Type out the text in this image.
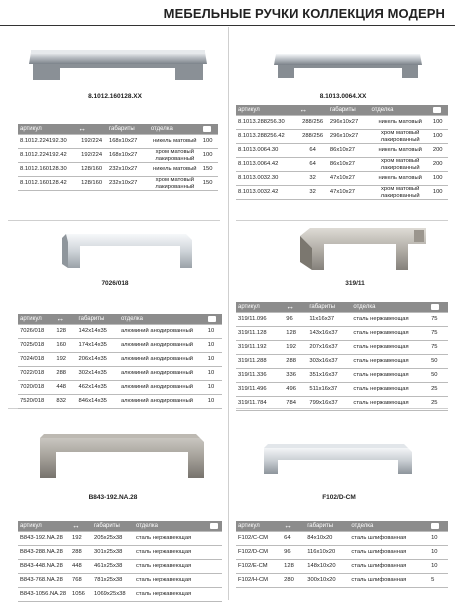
МЕБЕЛЬНЫЕ РУЧКИ КОЛЛЕКЦИЯ МОДЕРН
8.1012.160128.XX
артикул	↔	габариты	отделка	
8.1012.224192.30	192/224	168x10x27	никель матовый	100
8.1012.224192.42	192/224	168x10x27	хром матовый лакированный	100
8.1012.160128.30	128/160	232x10x27	никель матовый	150
8.1012.160128.42	128/160	232x10x27	хром матовый лакированный	150
8.1013.0064.XX
артикул	↔	габариты	отделка	
8.1013.288256.30	288/256	296x10x27	никель матовый	100
8.1013.288256.42	288/256	296x10x27	хром матовый лакированный	100
8.1013.0064.30	64	86x10x27	никель матовый	200
8.1013.0064.42	64	86x10x27	хром матовый лакированный	200
8.1013.0032.30	32	47x10x27	никель матовый	100
8.1013.0032.42	32	47x10x27	хром матовый лакированный	100
7026/018
артикул	↔	габариты	отделка	
7026/018	128	142x14x35	алюминий анодированный	10
7025/018	160	174x14x35	алюминий анодированный	10
7024/018	192	206x14x35	алюминий анодированный	10
7022/018	288	302x14x35	алюминий анодированный	10
7020/018	448	462x14x35	алюминий анодированный	10
7520/018	832	846x14x35	алюминий анодированный	10
319/11
артикул	↔	габариты	отделка	
319/11.096	96	11x16x37	сталь нержавеющая	75
319/11.128	128	143x16x37	сталь нержавеющая	75
319/11.192	192	207x16x37	сталь нержавеющая	75
319/11.288	288	303x16x37	сталь нержавеющая	50
319/11.336	336	351x16x37	сталь нержавеющая	50
319/11.496	496	511x16x37	сталь нержавеющая	25
319/11.784	784	799x16x37	сталь нержавеющая	25
B843-192.NA.28
артикул	↔	габариты	отделка	
B843-192.NA.28	192	205x25x38	сталь нержавеющая	
B843-288.NA.28	288	301x25x38	сталь нержавеющая	
B843-448.NA.28	448	461x25x38	сталь нержавеющая	
B843-768.NA.28	768	781x25x38	сталь нержавеющая	
B843-1056.NA.28	1056	1069x25x38	сталь нержавеющая	
F102/D-CM
артикул	↔	габариты	отделка	
F102/C-CM	64	84x10x20	сталь шлифованная	10
F102/D-CM	96	116x10x20	сталь шлифованная	10
F102/E-CM	128	148x10x20	сталь шлифованная	10
F102/H-CM	280	300x10x20	сталь шлифованная	5
